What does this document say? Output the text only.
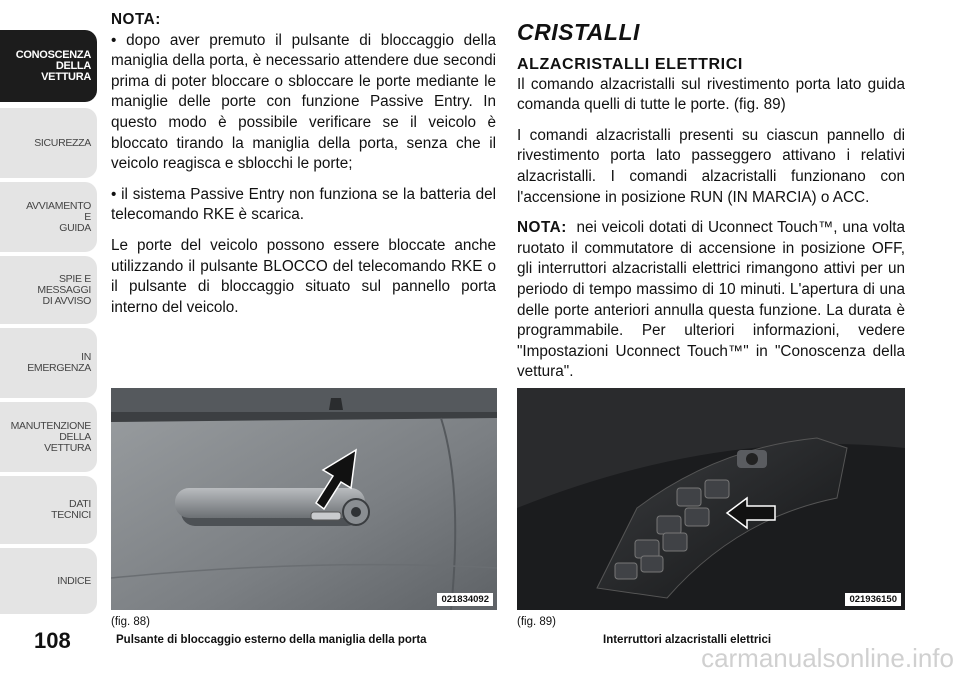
CONOSCENZA
DELLA
VETTURA
SICUREZZA
AVVIAMENTO
E
GUIDA
SPIE E
MESSAGGI
DI AVVISO
IN
EMERGENZA
MANUTENZIONE
DELLA
VETTURA
DATI
TECNICI
INDICE
108
NOTA:

• dopo aver premuto il pulsante di bloccaggio della maniglia della porta, è necessario attendere due secondi prima di poter bloccare o sbloccare le porte mediante le maniglie delle porte con funzione Passive Entry. In questo modo è possibile verificare se il veicolo è bloccato tirando la maniglia della porta, senza che il veicolo reagisca e sblocchi le porte;

• il sistema Passive Entry non funziona se la batteria del telecomando RKE è scarica.

Le porte del veicolo possono essere bloccate anche utilizzando il pulsante BLOCCO del telecomando RKE o il pulsante di bloccaggio situato sul pannello porta interno del veicolo.

CRISTALLI
ALZACRISTALLI ELETTRICI

Il comando alzacristalli sul rivestimento porta lato guida comanda quelli di tutte le porte. (fig. 89)

I comandi alzacristalli presenti su ciascun pannello di rivestimento porta lato passeggero attivano i relativi alzacristalli. I comandi alzacristalli funzionano con l'accensione in posizione RUN (IN MARCIA) o ACC.

NOTA: nei veicoli dotati di Uconnect Touch™, una volta ruotato il commutatore di accensione in posizione OFF, gli interruttori alzacristalli elettrici rimangono attivi per un periodo di tempo massimo di 10 minuti. L'apertura di una delle porte anteriori annulla questa funzione. La durata è programmabile. Per ulteriori informazioni, vedere "Impostazioni Uconnect Touch™" in "Conoscenza della vettura".

021834092	021936150
(fig. 88)
Pulsante di bloccaggio esterno della maniglia della porta
(fig. 89)
Interruttori alzacristalli elettrici
carmanualsonline.info
